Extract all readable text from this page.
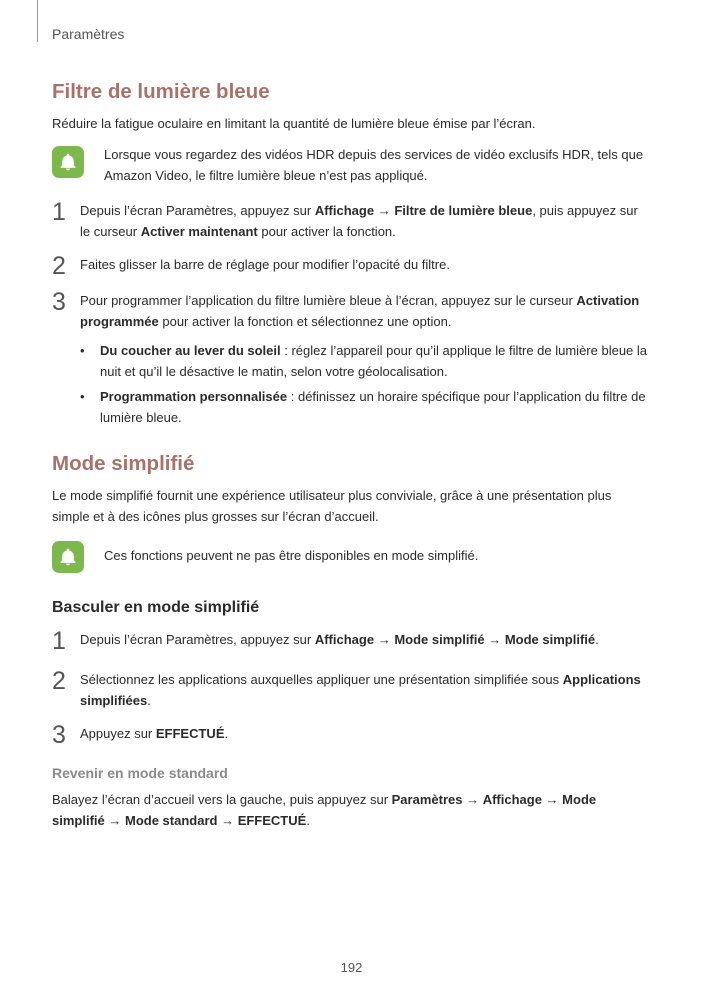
Paramètres
Filtre de lumière bleue

Réduire la fatigue oculaire en limitant la quantité de lumière bleue émise par l’écran.

Lorsque vous regardez des vidéos HDR depuis des services de vidéo exclusifs HDR, tels que Amazon Video, le filtre lumière bleue n’est pas appliqué.
1	Depuis l’écran Paramètres, appuyez sur Affichage → Filtre de lumière bleue, puis appuyez sur le curseur Activer maintenant pour activer la fonction.
2	Faites glisser la barre de réglage pour modifier l’opacité du filtre.
3	Pour programmer l’application du filtre lumière bleue à l’écran, appuyez sur le curseur Activation programmée pour activer la fonction et sélectionnez une option.
•	Du coucher au lever du soleil : réglez l’appareil pour qu’il applique le filtre de lumière bleue la nuit et qu’il le désactive le matin, selon votre géolocalisation.
•	Programmation personnalisée : définissez un horaire spécifique pour l’application du filtre de lumière bleue.
Mode simplifié

Le mode simplifié fournit une expérience utilisateur plus conviviale, grâce à une présentation plus simple et à des icônes plus grosses sur l’écran d’accueil.

Ces fonctions peuvent ne pas être disponibles en mode simplifié.
Basculer en mode simplifié
1	Depuis l’écran Paramètres, appuyez sur Affichage → Mode simplifié → Mode simplifié.
2	Sélectionnez les applications auxquelles appliquer une présentation simplifiée sous Applications simplifiées.
3	Appuyez sur EFFECTUÉ.
Revenir en mode standard

Balayez l’écran d’accueil vers la gauche, puis appuyez sur Paramètres → Affichage → Mode simplifié → Mode standard → EFFECTUÉ.

192
